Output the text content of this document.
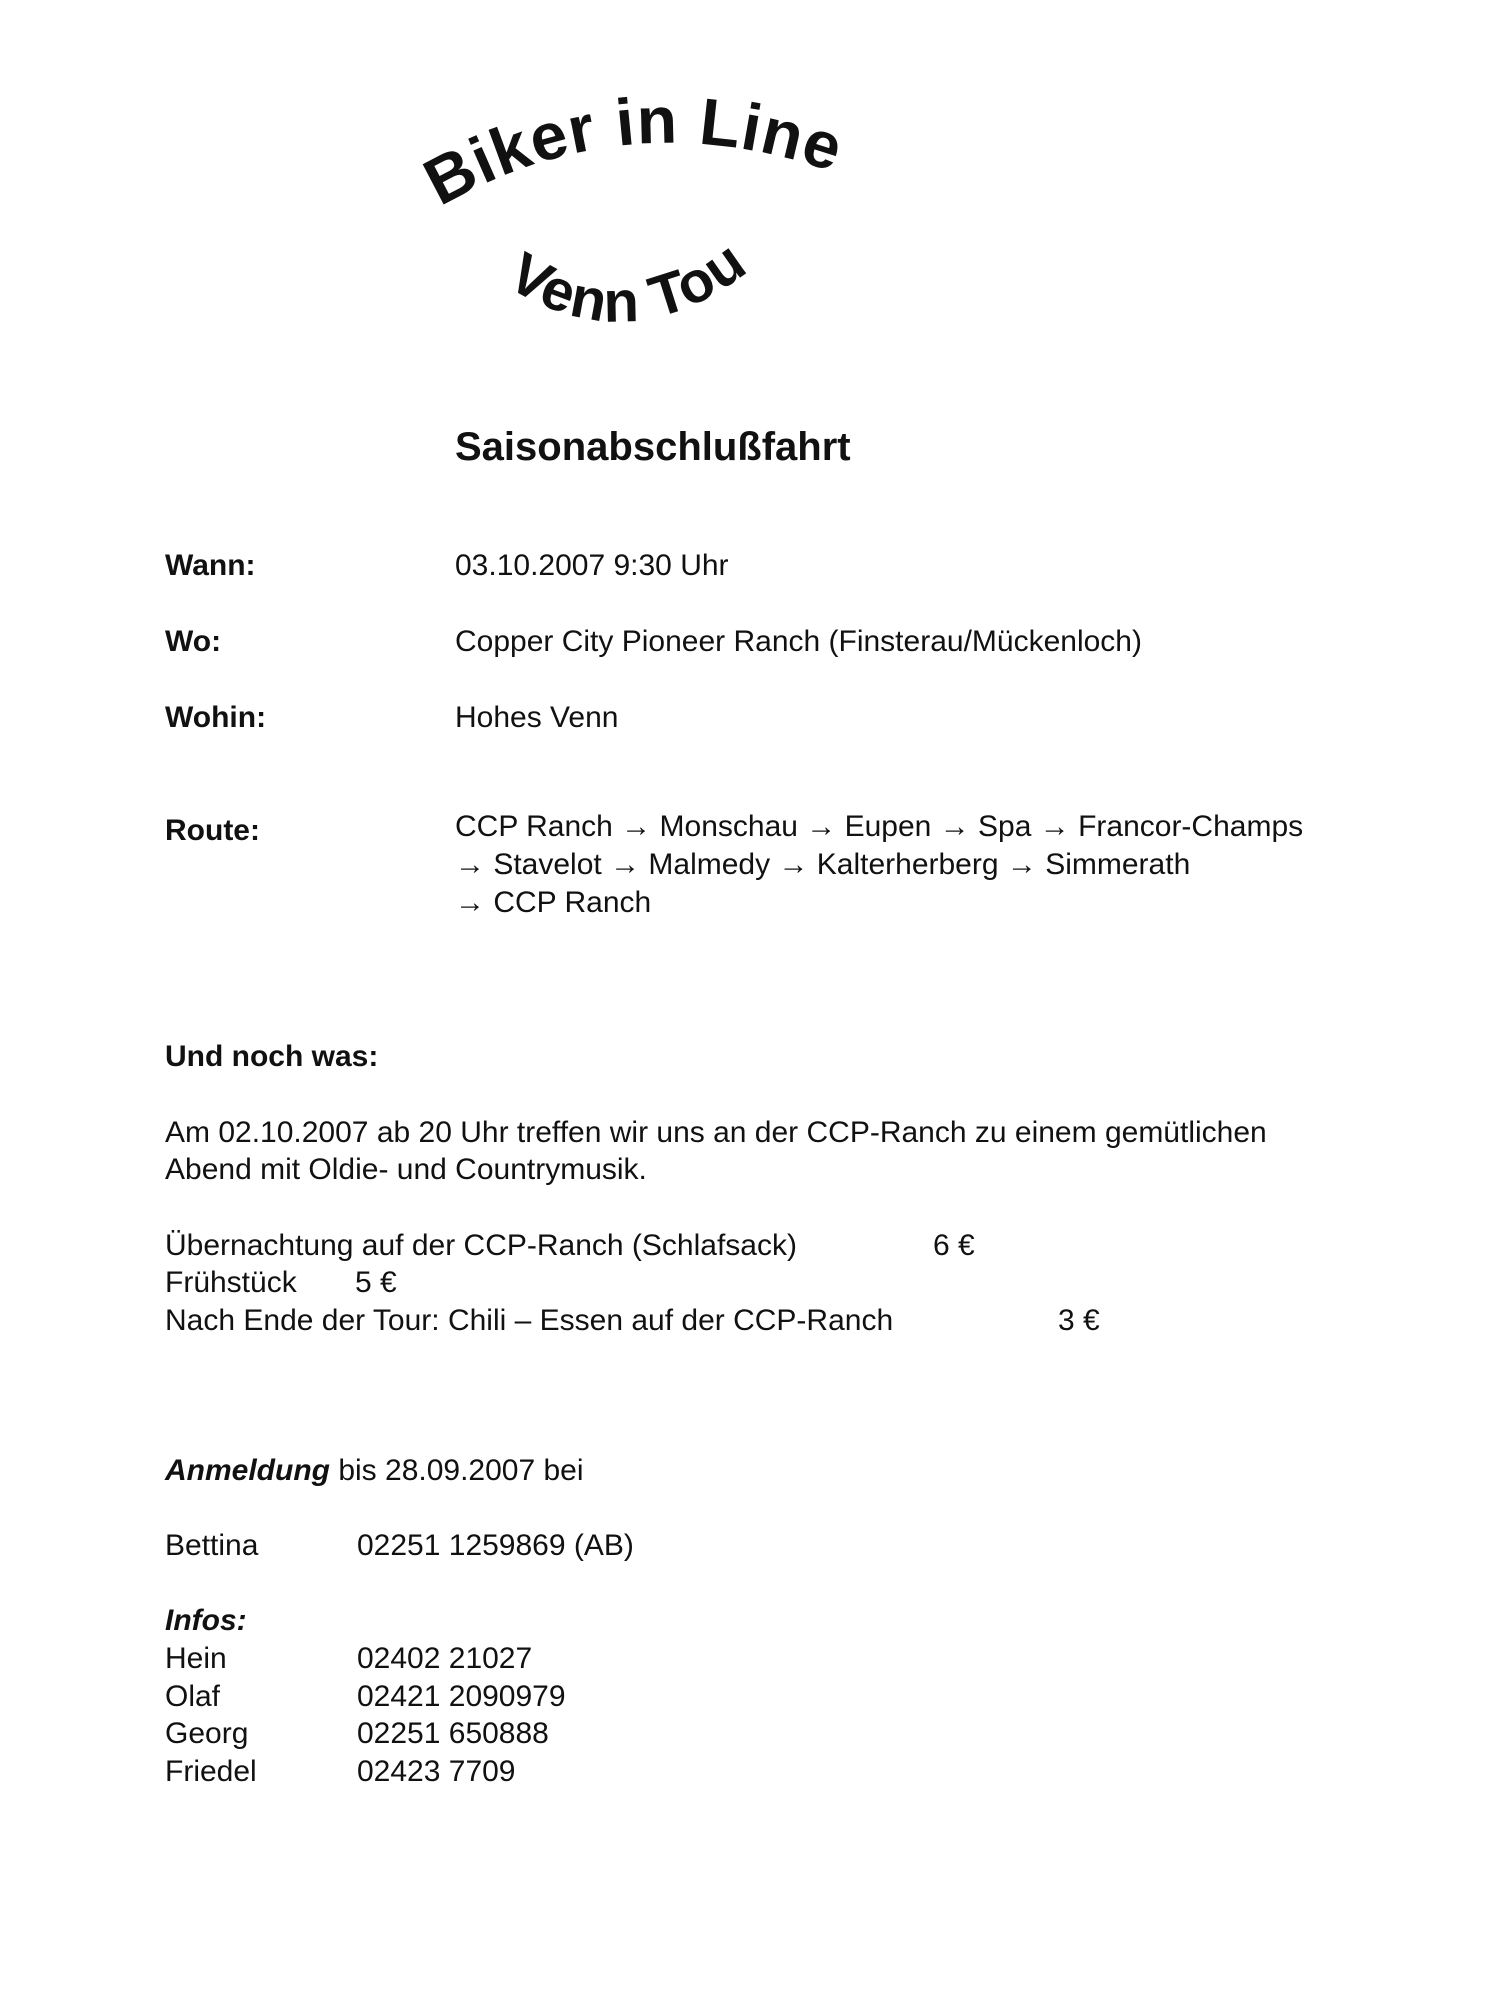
Biker in Line
Venn Tour
Saisonabschlußfahrt
Wann:	03.10.2007 9:30 Uhr
Wo:	Copper City Pioneer Ranch (Finsterau/Mückenloch)
Wohin:	Hohes Venn
Route:	CCP Ranch → Monschau → Eupen → Spa → Francor-Champs
→ Stavelot → Malmedy → Kalterherberg → Simmerath
→ CCP Ranch
Und noch was:
Am 02.10.2007 ab 20 Uhr treffen wir uns an der CCP-Ranch zu einem gemütlichen
Abend mit Oldie- und Countrymusik.
Übernachtung auf der CCP-Ranch (Schlafsack)	6 €
Frühstück 5 €
Nach Ende der Tour: Chili – Essen auf der CCP-Ranch	3 €
Anmeldung bis 28.09.2007 bei
Bettina	02251 1259869 (AB)
Infos:
Hein	02402 21027
Olaf	02421 2090979
Georg	02251 650888
Friedel	02423 7709
